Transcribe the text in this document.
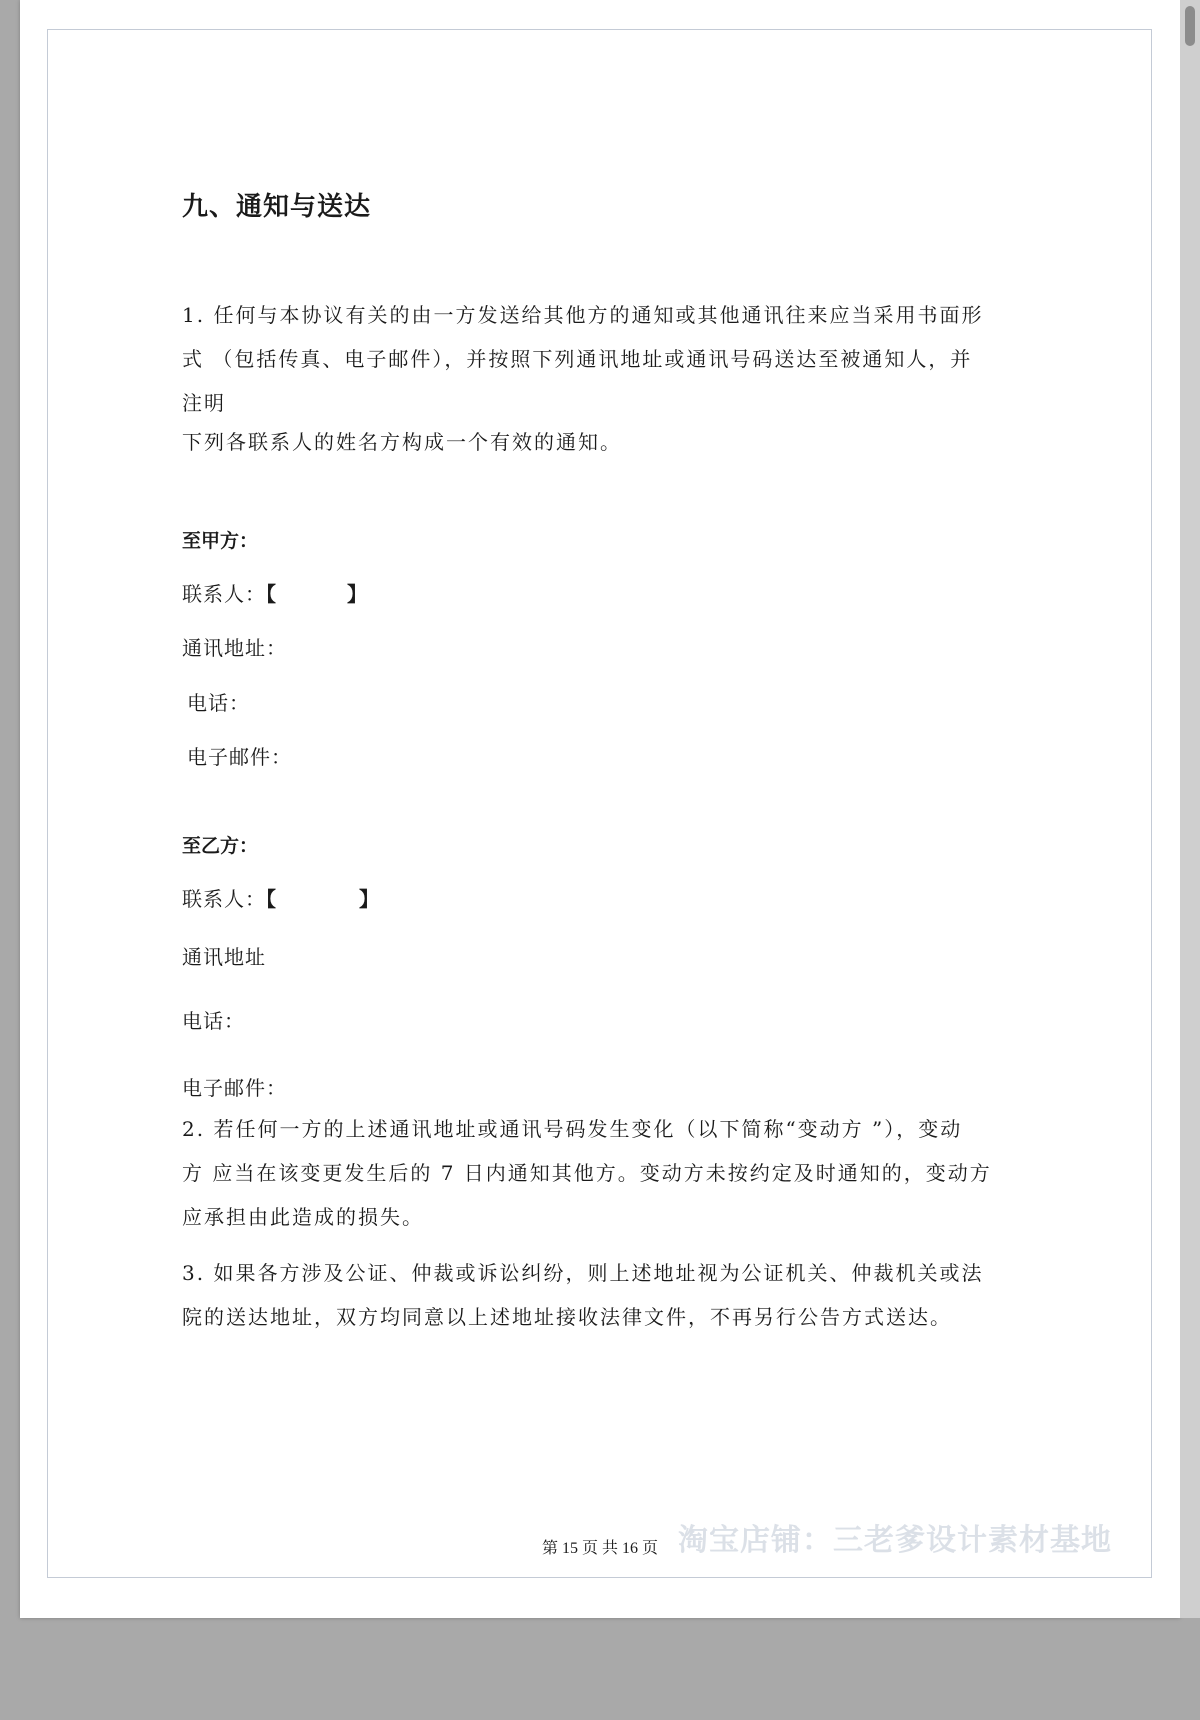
九、通知与送达
1. 任何与本协议有关的由一方发送给其他方的通知或其他通讯往来应当采用书面形
式 （包括传真、电子邮件），并按照下列通讯地址或通讯号码送达至被通知人，并
注明
下列各联系人的姓名方构成一个有效的通知。
至甲方：
联系人：【	】
通讯地址：
电话：
电子邮件：
至乙方：
联系人：【	】
通讯地址
电话：
电子邮件：
2. 若任何一方的上述通讯地址或通讯号码发生变化（以下简称“变动方 ”），变动
方 应当在该变更发生后的 7 日内通知其他方。变动方未按约定及时通知的，变动方
应承担由此造成的损失。
3. 如果各方涉及公证、仲裁或诉讼纠纷，则上述地址视为公证机关、仲裁机关或法
院的送达地址，双方均同意以上述地址接收法律文件，不再另行公告方式送达。
第 15 页 共 16 页 淘宝店铺：三老爹设计素材基地
